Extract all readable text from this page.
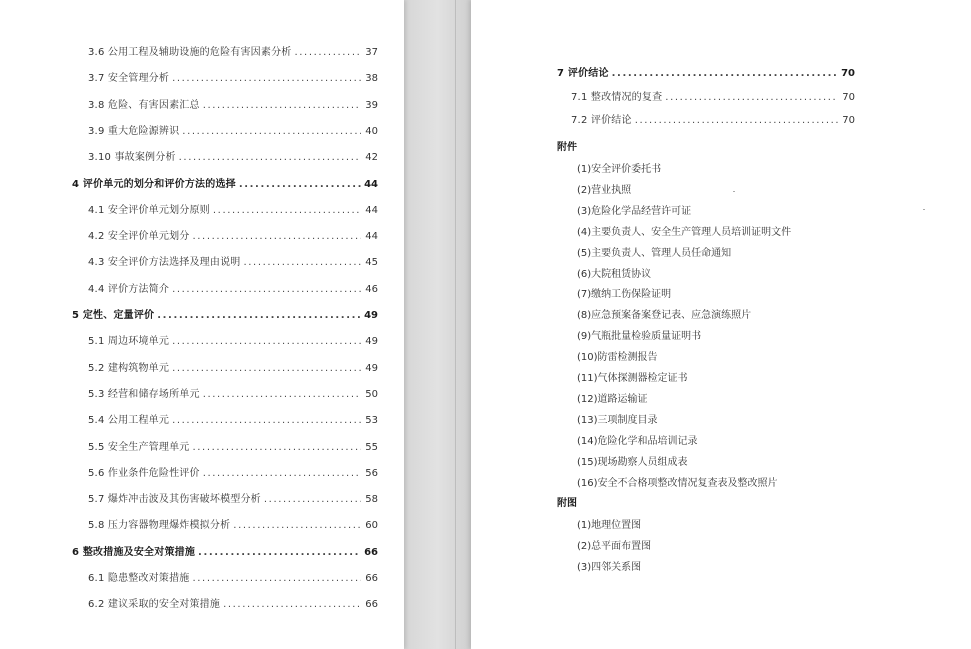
3.6 公用工程及辅助设施的危险有害因素分析 .....	37
3.7 安全管理分析 .....	38
3.8 危险、有害因素汇总 .....	39
3.9 重大危险源辨识 .....	40
3.10 事故案例分析 .....	42
4 评价单元的划分和评价方法的选择 .....	44
4.1 安全评价单元划分原则 .....	44
4.2 安全评价单元划分 .....	44
4.3 安全评价方法选择及理由说明 .....	45
4.4 评价方法简介 .....	46
5 定性、定量评价 .....	49
5.1 周边环境单元 .....	49
5.2 建构筑物单元 .....	49
5.3 经营和储存场所单元 .....	50
5.4 公用工程单元 .....	53
5.5 安全生产管理单元 .....	55
5.6 作业条件危险性评价 .....	56
5.7 爆炸冲击波及其伤害破坏模型分析 .....	58
5.8 压力容器物理爆炸模拟分析 .....	60
6 整改措施及安全对策措施 .....	66
6.1 隐患整改对策措施 .....	66
6.2 建议采取的安全对策措施 .....	66
7 评价结论 .....	70
7.1 整改情况的复查 .....	70
7.2 评价结论 .....	70
附件
(1)安全评价委托书
(2)营业执照
(3)危险化学品经营许可证
(4)主要负责人、安全生产管理人员培训证明文件
(5)主要负责人、管理人员任命通知
(6)大院租赁协议
(7)缴纳工伤保险证明
(8)应急预案备案登记表、应急演练照片
(9)气瓶批量检验质量证明书
(10)防雷检测报告
(11)气体探测器检定证书
(12)道路运输证
(13)三项制度目录
(14)危险化学和品培训记录
(15)现场勘察人员组成表
(16)安全不合格项整改情况复查表及整改照片
附图
(1)地理位置图
(2)总平面布置图
(3)四邻关系图
